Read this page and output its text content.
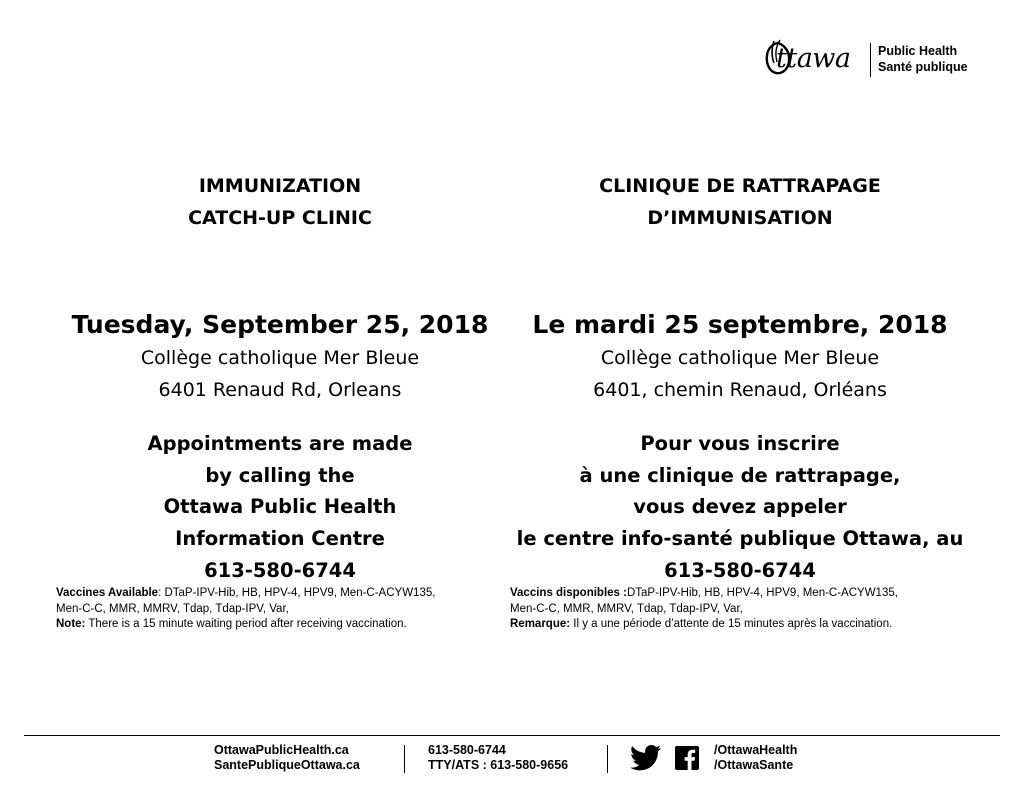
ttawa Public Health
Santé publique
IMMUNIZATION
CATCH-UP CLINIC
Tuesday, September 25, 2018
Collège catholique Mer Bleue
6401 Renaud Rd, Orleans
Appointments are made
by calling the
Ottawa Public Health
Information Centre
613-580-6744
CLINIQUE DE RATTRAPAGE
D’IMMUNISATION
Le mardi 25 septembre, 2018
Collège catholique Mer Bleue
6401, chemin Renaud, Orléans
Pour vous inscrire
à une clinique de rattrapage,
vous devez appeler
le centre info-santé publique Ottawa, au
613-580-6744
Vaccines Available: DTaP-IPV-Hib, HB, HPV-4, HPV9, Men-C-ACYW135,
Men-C-C, MMR, MMRV, Tdap, Tdap-IPV, Var,
Note: There is a 15 minute waiting period after receiving vaccination.
Vaccins disponibles :DTaP-IPV-Hib, HB, HPV-4, HPV9, Men-C-ACYW135,
Men-C-C, MMR, MMRV, Tdap, Tdap-IPV, Var,
Remarque: Il y a une période d’attente de 15 minutes après la vaccination.
OttawaPublicHealth.ca
SantePubliqueOttawa.ca
613-580-6744
TTY/ATS : 613-580-9656

/OttawaHealth
/OttawaSante
